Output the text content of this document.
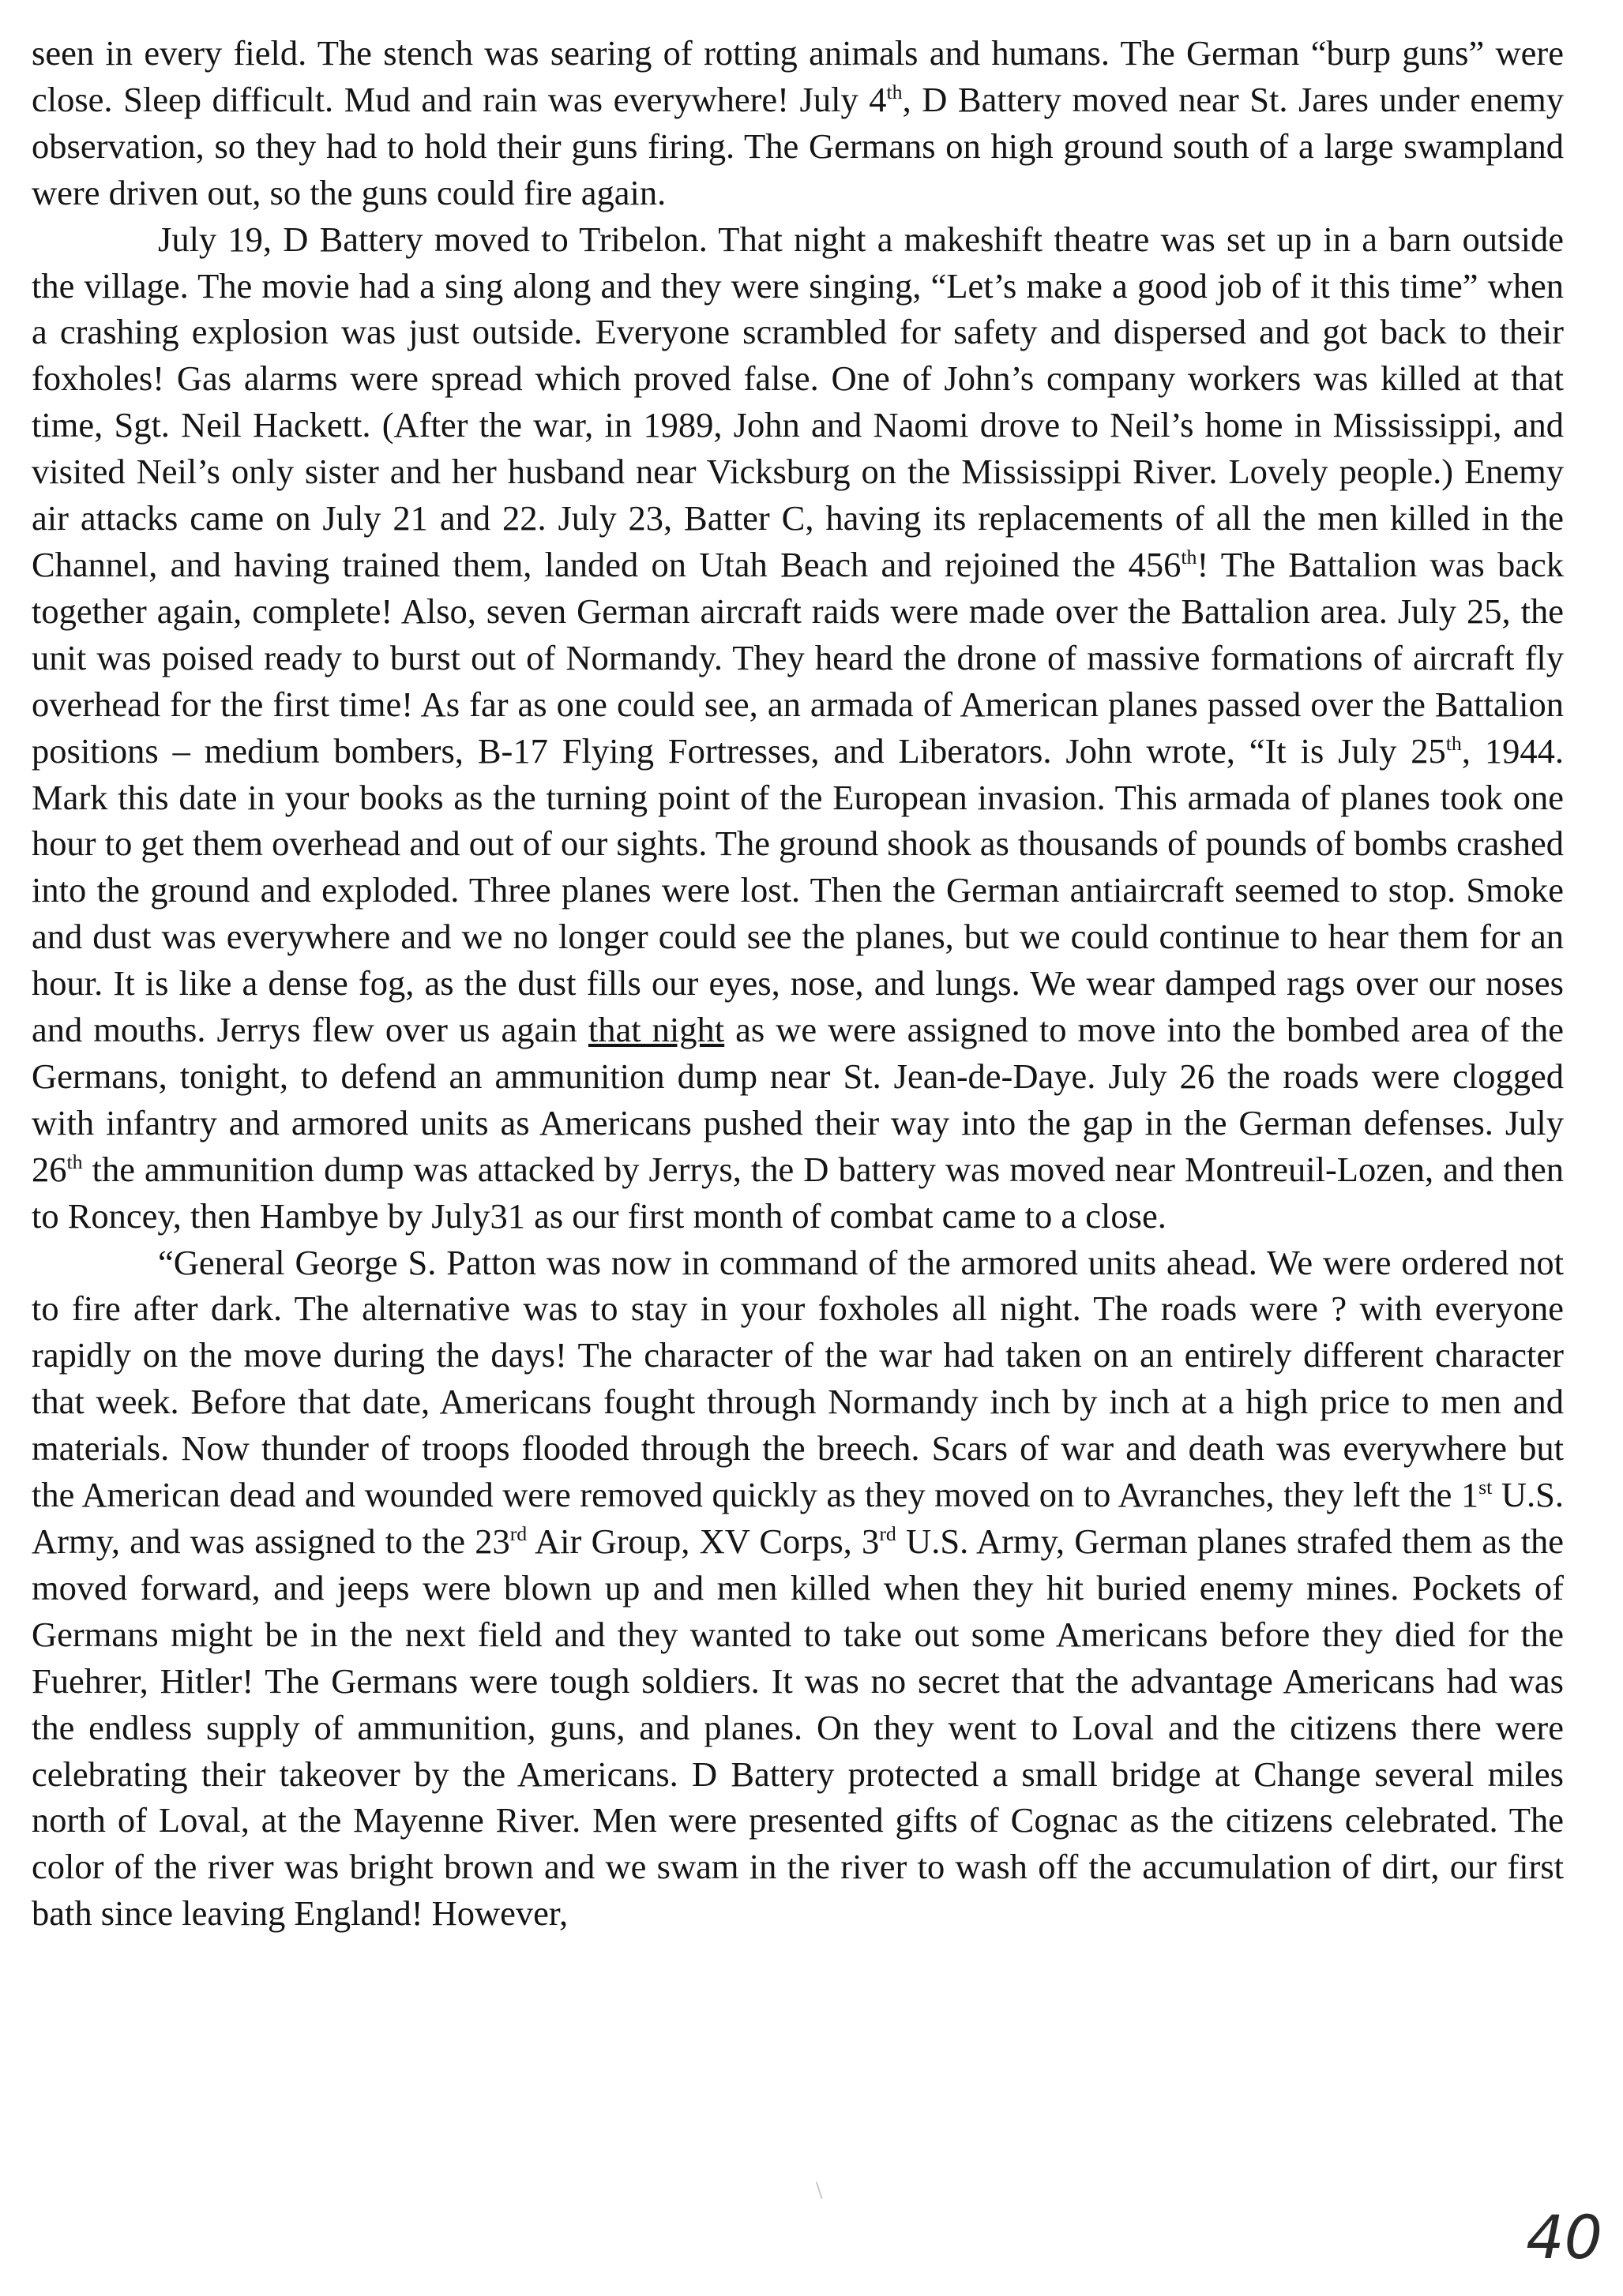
seen in every field. The stench was searing of rotting animals and humans. The German “burp guns” were close. Sleep difficult. Mud and rain was everywhere! July 4th, D Battery moved near St. Jares under enemy observation, so they had to hold their guns firing. The Germans on high ground south of a large swampland were driven out, so the guns could fire again.

July 19, D Battery moved to Tribelon. That night a makeshift theatre was set up in a barn outside the village. The movie had a sing along and they were singing, “Let’s make a good job of it this time” when a crashing explosion was just outside. Everyone scrambled for safety and dispersed and got back to their foxholes! Gas alarms were spread which proved false. One of John’s company workers was killed at that time, Sgt. Neil Hackett. (After the war, in 1989, John and Naomi drove to Neil’s home in Mississippi, and visited Neil’s only sister and her husband near Vicksburg on the Mississippi River. Lovely people.) Enemy air attacks came on July 21 and 22. July 23, Batter C, having its replacements of all the men killed in the Channel, and having trained them, landed on Utah Beach and rejoined the 456th! The Battalion was back together again, complete! Also, seven German aircraft raids were made over the Battalion area. July 25, the unit was poised ready to burst out of Normandy. They heard the drone of massive formations of aircraft fly overhead for the first time! As far as one could see, an armada of American planes passed over the Battalion positions – medium bombers, B-17 Flying Fortresses, and Liberators. John wrote, “It is July 25th, 1944. Mark this date in your books as the turning point of the European invasion. This armada of planes took one hour to get them overhead and out of our sights. The ground shook as thousands of pounds of bombs crashed into the ground and exploded. Three planes were lost. Then the German antiaircraft seemed to stop. Smoke and dust was everywhere and we no longer could see the planes, but we could continue to hear them for an hour. It is like a dense fog, as the dust fills our eyes, nose, and lungs. We wear damped rags over our noses and mouths. Jerrys flew over us again that night as we were assigned to move into the bombed area of the Germans, tonight, to defend an ammunition dump near St. Jean-de-Daye. July 26 the roads were clogged with infantry and armored units as Americans pushed their way into the gap in the German defenses. July 26th the ammunition dump was attacked by Jerrys, the D battery was moved near Montreuil-Lozen, and then to Roncey, then Hambye by July31 as our first month of combat came to a close.

“General George S. Patton was now in command of the armored units ahead. We were ordered not to fire after dark. The alternative was to stay in your foxholes all night. The roads were ? with everyone rapidly on the move during the days! The character of the war had taken on an entirely different character that week. Before that date, Americans fought through Normandy inch by inch at a high price to men and materials. Now thunder of troops flooded through the breech. Scars of war and death was everywhere but the American dead and wounded were removed quickly as they moved on to Avranches, they left the 1st U.S. Army, and was assigned to the 23rd Air Group, XV Corps, 3rd U.S. Army, German planes strafed them as the moved forward, and jeeps were blown up and men killed when they hit buried enemy mines. Pockets of Germans might be in the next field and they wanted to take out some Americans before they died for the Fuehrer, Hitler! The Germans were tough soldiers. It was no secret that the advantage Americans had was the endless supply of ammunition, guns, and planes. On they went to Loval and the citizens there were celebrating their takeover by the Americans. D Battery protected a small bridge at Change several miles north of Loval, at the Mayenne River. Men were presented gifts of Cognac as the citizens celebrated. The color of the river was bright brown and we swam in the river to wash off the accumulation of dirt, our first bath since leaving England! However,

40
